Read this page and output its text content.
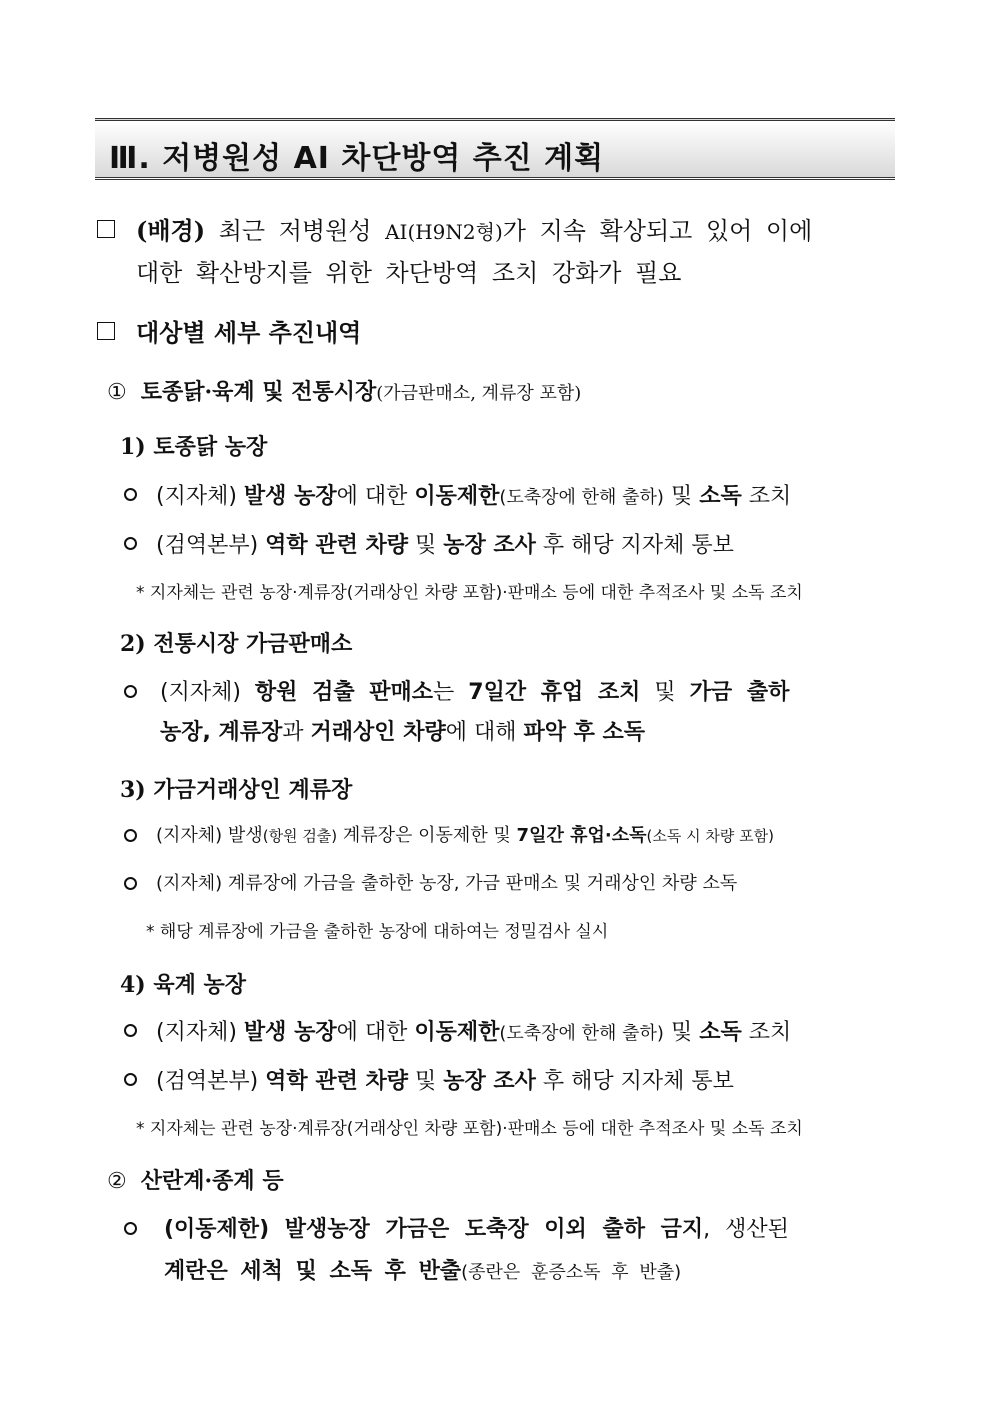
Ⅲ. 저병원성 AI 차단방역 추진 계획
(배경) 최근 저병원성 AI(H9N2형)가 지속 확상되고 있어 이에
대한 확산방지를 위한 차단방역 조치 강화가 필요
대상별 세부 추진내역
① 토종닭·육계 및 전통시장(가금판매소, 계류장 포함)
1) 토종닭 농장
(지자체) 발생 농장에 대한 이동제한(도축장에 한해 출하) 및 소독 조치
(검역본부) 역학 관련 차량 및 농장 조사 후 해당 지자체 통보
* 지자체는 관련 농장·계류장(거래상인 차량 포함)·판매소 등에 대한 추적조사 및 소독 조치
2) 전통시장 가금판매소
(지자체) 항원 검출 판매소는 7일간 휴업 조치 및 가금 출하
농장, 계류장과 거래상인 차량에 대해 파악 후 소독
3) 가금거래상인 계류장
(지자체) 발생(항원 검출) 계류장은 이동제한 및 7일간 휴업·소독(소독 시 차량 포함)
(지자체) 계류장에 가금을 출하한 농장, 가금 판매소 및 거래상인 차량 소독
* 해당 계류장에 가금을 출하한 농장에 대하여는 정밀검사 실시
4) 육계 농장
(지자체) 발생 농장에 대한 이동제한(도축장에 한해 출하) 및 소독 조치
(검역본부) 역학 관련 차량 및 농장 조사 후 해당 지자체 통보
* 지자체는 관련 농장·계류장(거래상인 차량 포함)·판매소 등에 대한 추적조사 및 소독 조치
② 산란계·종계 등
(이동제한) 발생농장 가금은 도축장 이외 출하 금지, 생산된
계란은 세척 및 소독 후 반출(종란은 훈증소독 후 반출)
